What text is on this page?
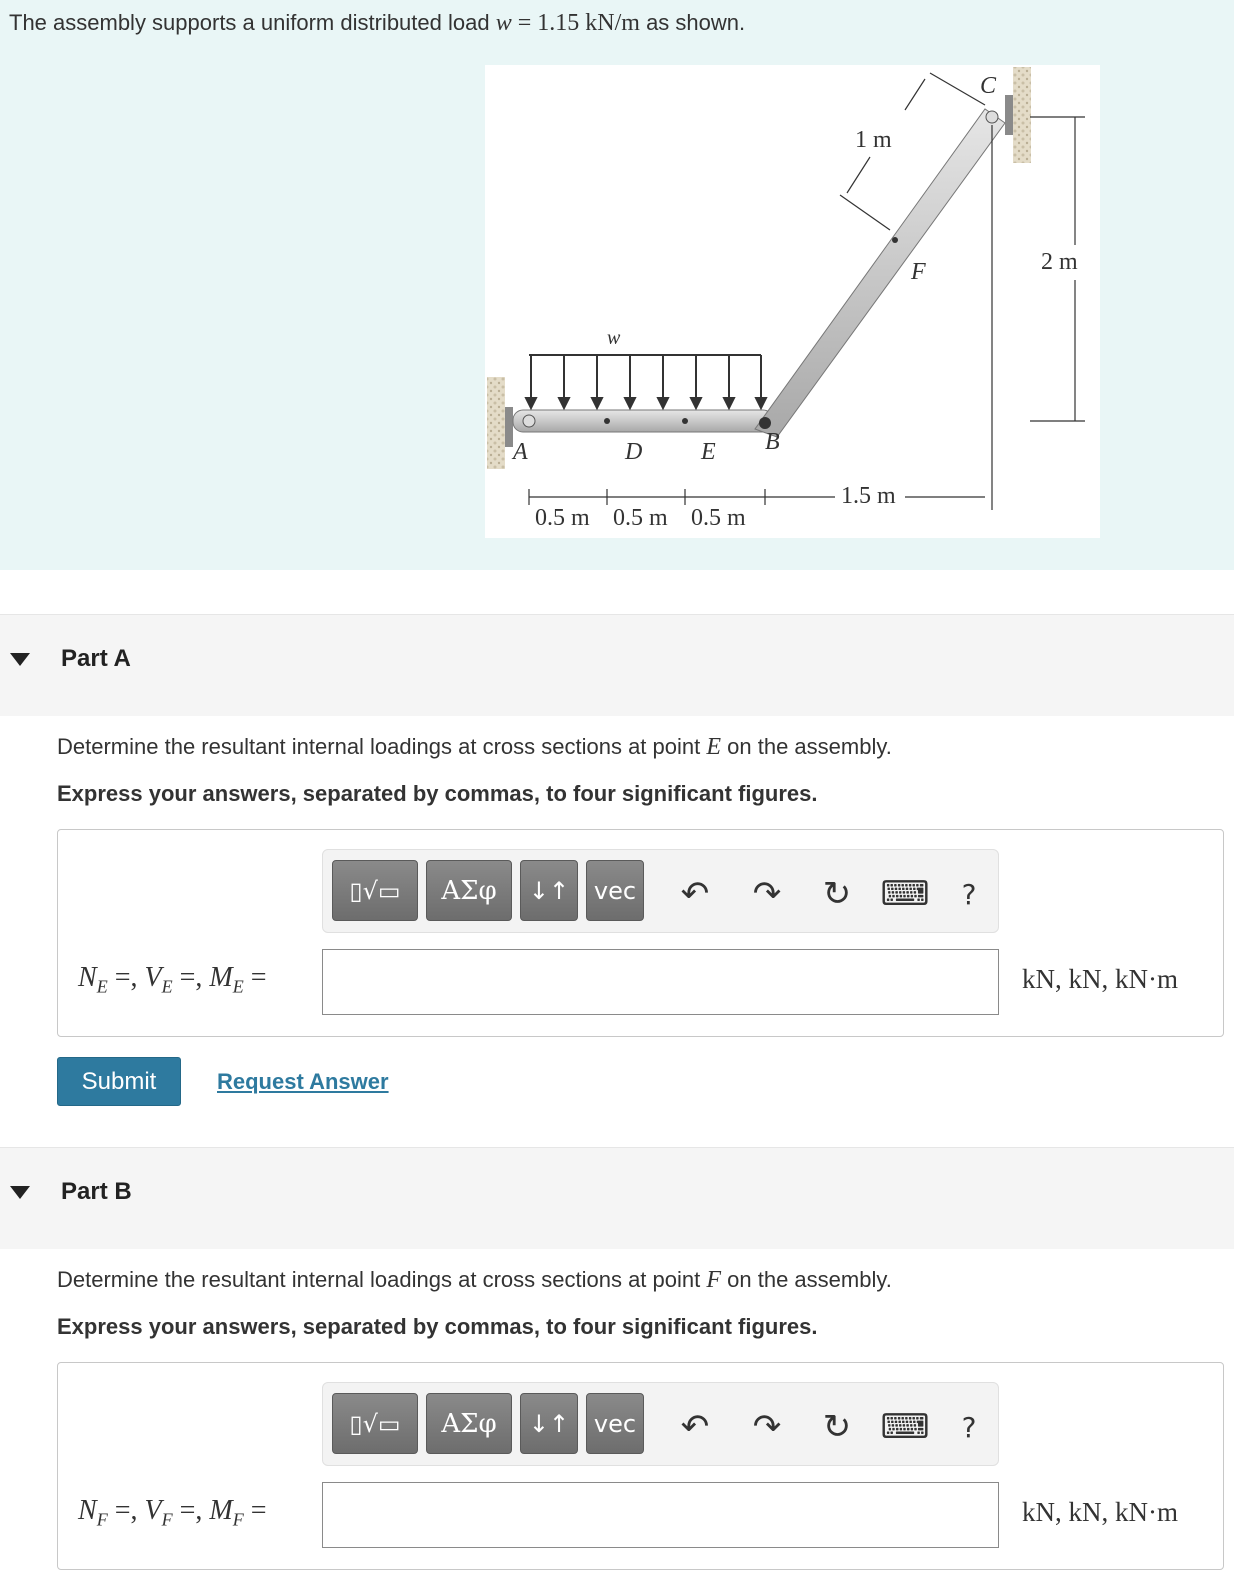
The assembly supports a uniform distributed load w = 1.15 kN/m as shown.
w
A	D E B
C
F
1 m
2 m
1.5 m
0.5 m 0.5 m 0.5 m
Part A
Determine the resultant internal loadings at cross sections at point E on the assembly.
Express your answers, separated by commas, to four significant figures.
▯√▭ ΑΣφ ↓↑ vec ↶ ↷ ↻ ⌨	?
$N_E$ =, $V_E$ =, $M_E$ =	kN, kN, kN·m
Submit	Request Answer
Part B
Determine the resultant internal loadings at cross sections at point F on the assembly.
Express your answers, separated by commas, to four significant figures.
▯√▭ ΑΣφ ↓↑ vec ↶ ↷ ↻ ⌨	?
$N_F$ =, $V_F$ =, $M_F$ =	kN, kN, kN·m
